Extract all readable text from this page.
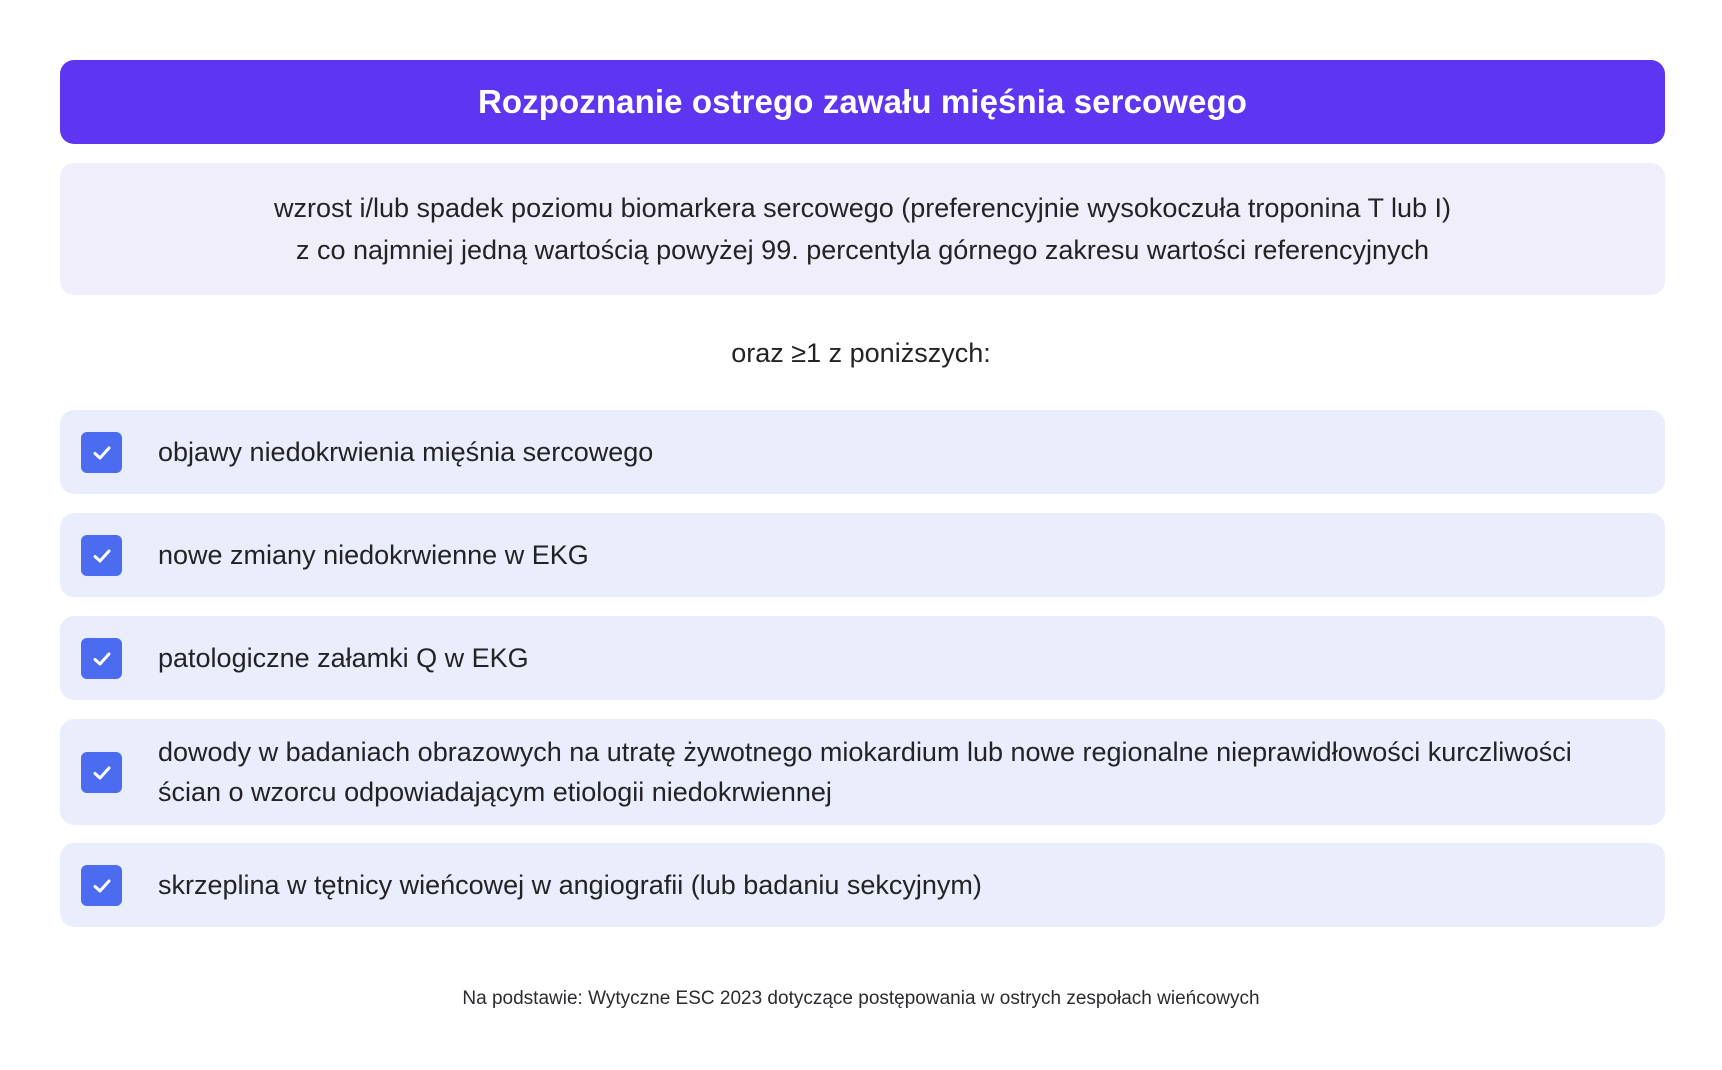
Rozpoznanie ostrego zawału mięśnia sercowego
wzrost i/lub spadek poziomu biomarkera sercowego (preferencyjnie wysokoczuła troponina T lub I)
z co najmniej jedną wartością powyżej 99. percentyla górnego zakresu wartości referencyjnych
oraz ≥1 z poniższych:
objawy niedokrwienia mięśnia sercowego
nowe zmiany niedokrwienne w EKG
patologiczne załamki Q w EKG
dowody w badaniach obrazowych na utratę żywotnego miokardium lub nowe regionalne nieprawidłowości kurczliwości ścian o wzorcu odpowiadającym etiologii niedokrwiennej
skrzeplina w tętnicy wieńcowej w angiografii (lub badaniu sekcyjnym)
Na podstawie: Wytyczne ESC 2023 dotyczące postępowania w ostrych zespołach wieńcowych
